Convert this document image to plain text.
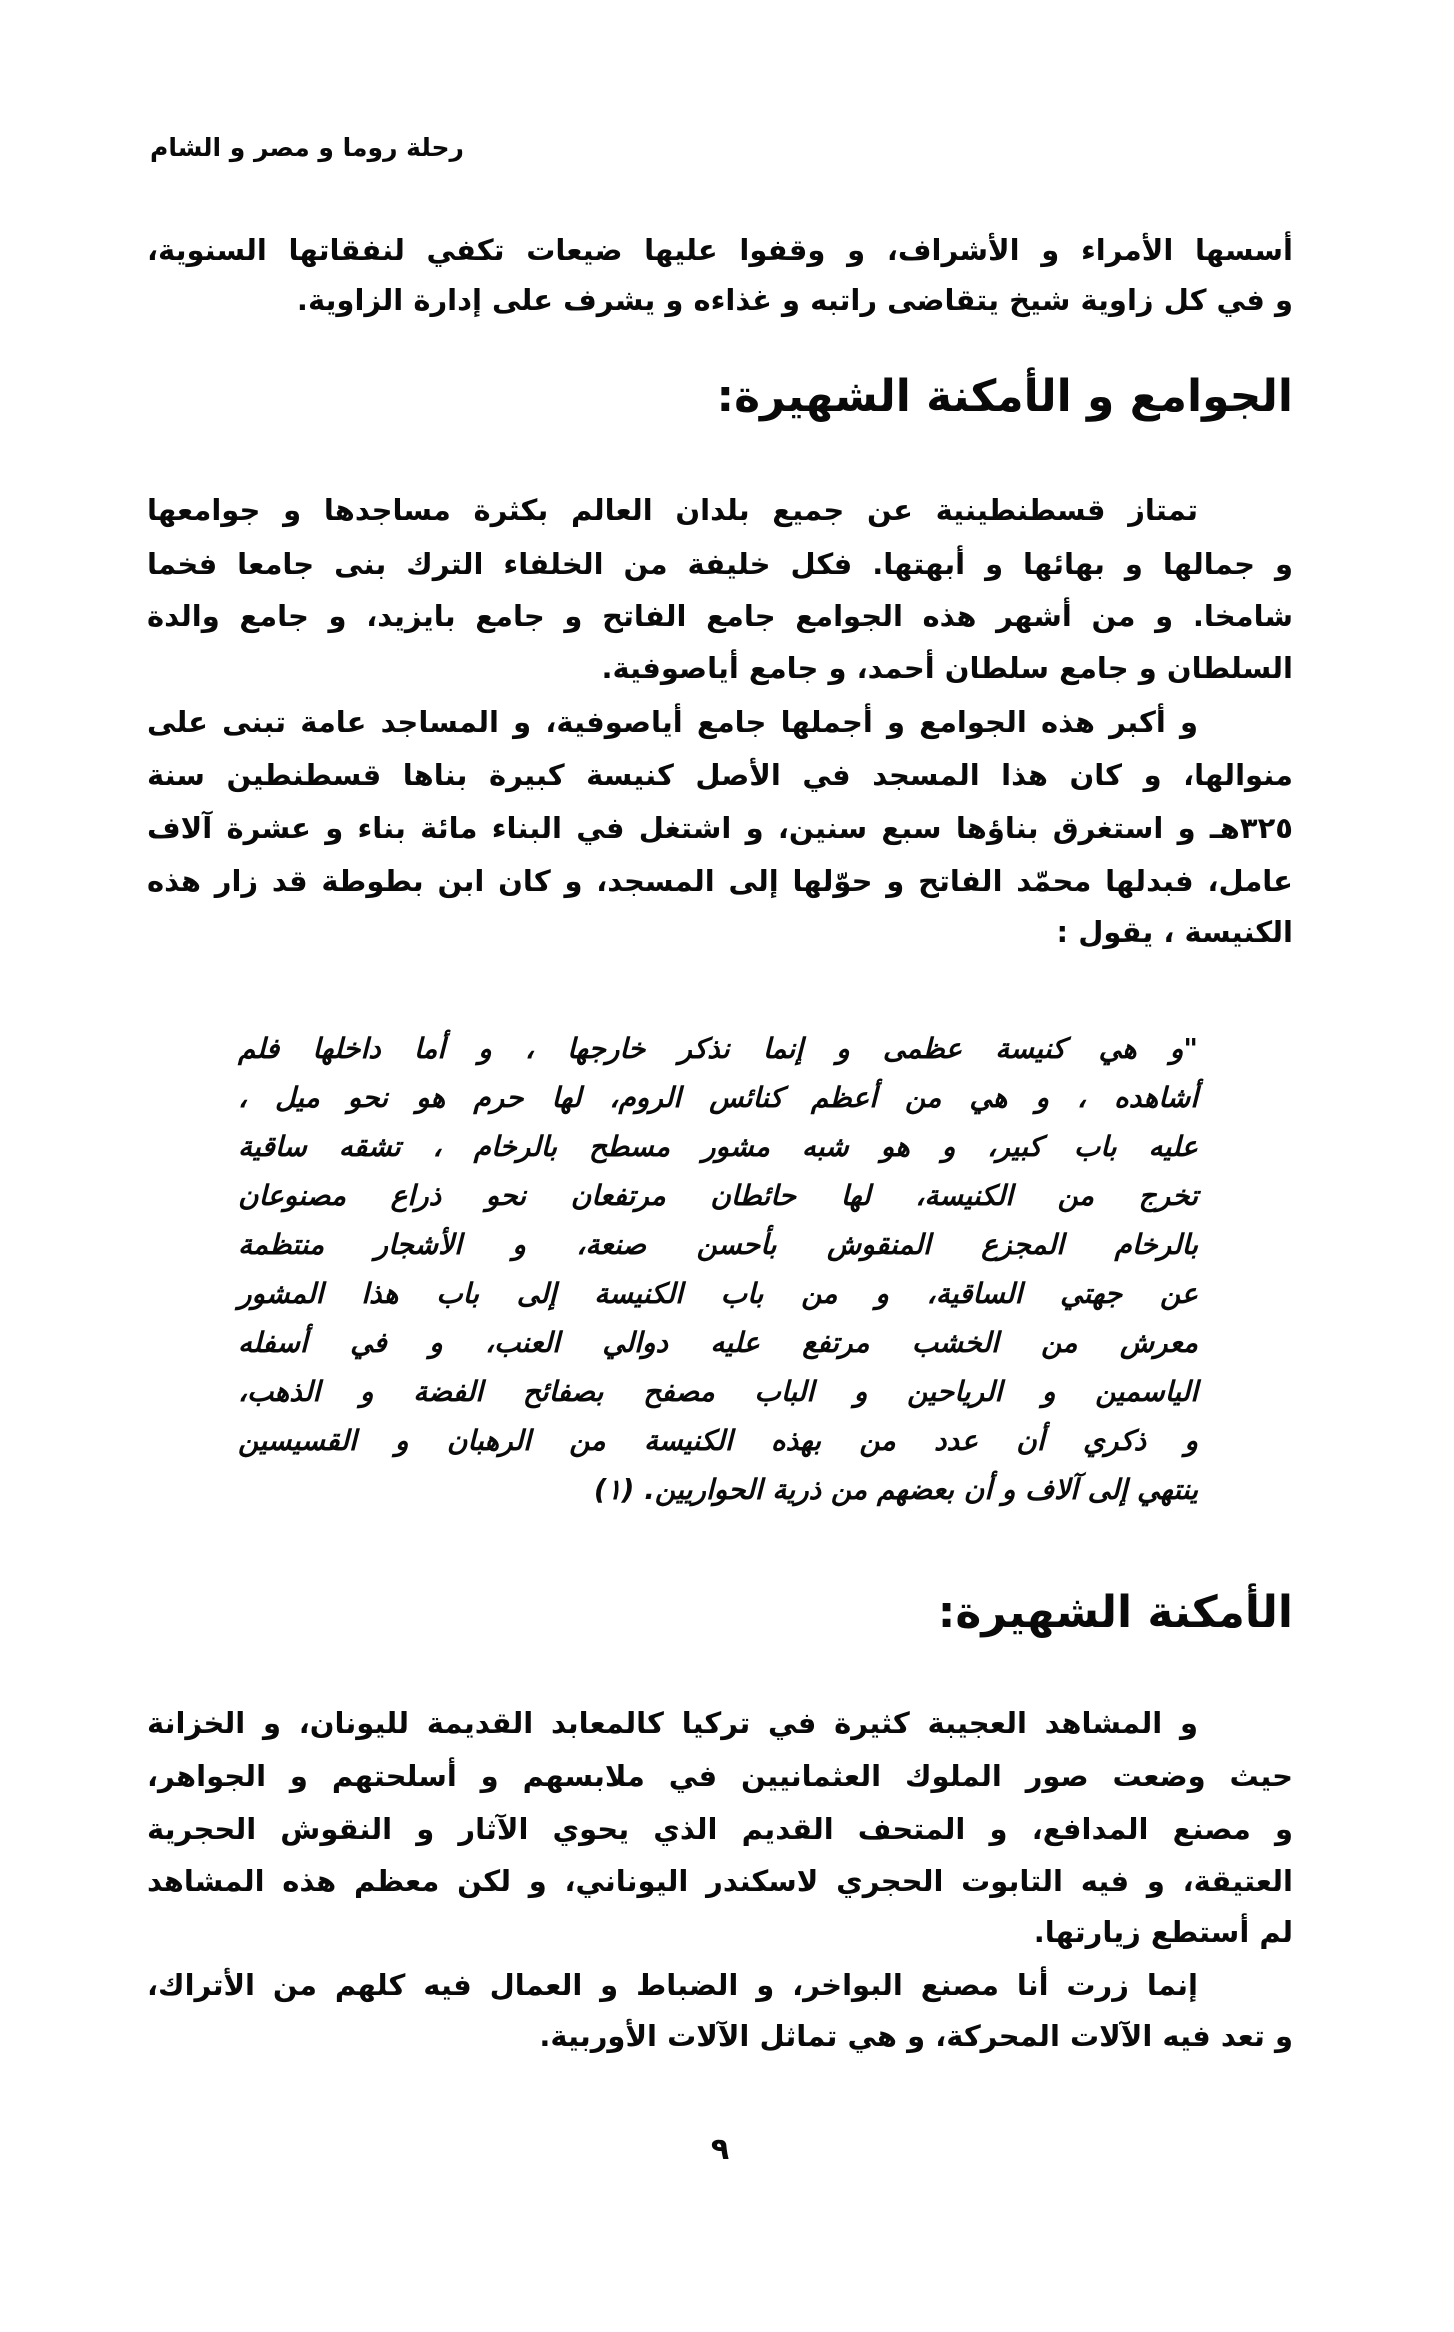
رحلة روما و مصر و الشام
أسسها الأمراء و الأشراف، و وقفوا عليها ضيعات تكفي لنفقاتها السنوية،
و في كل زاوية شيخ يتقاضى راتبه و غذاءه و يشرف على إدارة الزاوية.
الجوامع و الأمكنة الشهيرة:
تمتاز قسطنطينية عن جميع بلدان العالم بكثرة مساجدها و جوامعها
و جمالها و بهائها و أبهتها. فكل خليفة من الخلفاء الترك بنى جامعا فخما
شامخا. و من أشهر هذه الجوامع جامع الفاتح و جامع بايزيد، و جامع والدة
السلطان و جامع سلطان أحمد، و جامع أياصوفية.
و أكبر هذه الجوامع و أجملها جامع أياصوفية، و المساجد عامة تبنى على
منوالها، و كان هذا المسجد في الأصل كنيسة كبيرة بناها قسطنطين سنة
٣٢٥هـ و استغرق بناؤها سبع سنين، و اشتغل في البناء مائة بناء و عشرة آلاف
عامل، فبدلها محمّد الفاتح و حوّلها إلى المسجد، و كان ابن بطوطة قد زار هذه
الكنيسة ، يقول :
"و هي كنيسة عظمى و إنما نذكر خارجها ، و أما داخلها فلم
أشاهده ، و هي من أعظم كنائس الروم، لها حرم هو نحو ميل ،
عليه باب كبير، و هو شبه مشور مسطح بالرخام ، تشقه ساقية
تخرج من الكنيسة، لها حائطان مرتفعان نحو ذراع مصنوعان
بالرخام المجزع المنقوش بأحسن صنعة، و الأشجار منتظمة
عن جهتي الساقية، و من باب الكنيسة إلى باب هذا المشور
معرش من الخشب مرتفع عليه دوالي العنب، و في أسفله
الياسمين و الرياحين و الباب مصفح بصفائح الفضة و الذهب،
و ذكري أن عدد من بهذه الكنيسة من الرهبان و القسيسين
ينتهي إلى آلاف و أن بعضهم من ذرية الحواريين. (١)
الأمكنة الشهيرة:
و المشاهد العجيبة كثيرة في تركيا كالمعابد القديمة لليونان، و الخزانة
حيث وضعت صور الملوك العثمانيين في ملابسهم و أسلحتهم و الجواهر،
و مصنع المدافع، و المتحف القديم الذي يحوي الآثار و النقوش الحجرية
العتيقة، و فيه التابوت الحجري لاسكندر اليوناني، و لكن معظم هذه المشاهد
لم أستطع زيارتها.
إنما زرت أنا مصنع البواخر، و الضباط و العمال فيه كلهم من الأتراك،
و تعد فيه الآلات المحركة، و هي تماثل الآلات الأوربية.
٩
